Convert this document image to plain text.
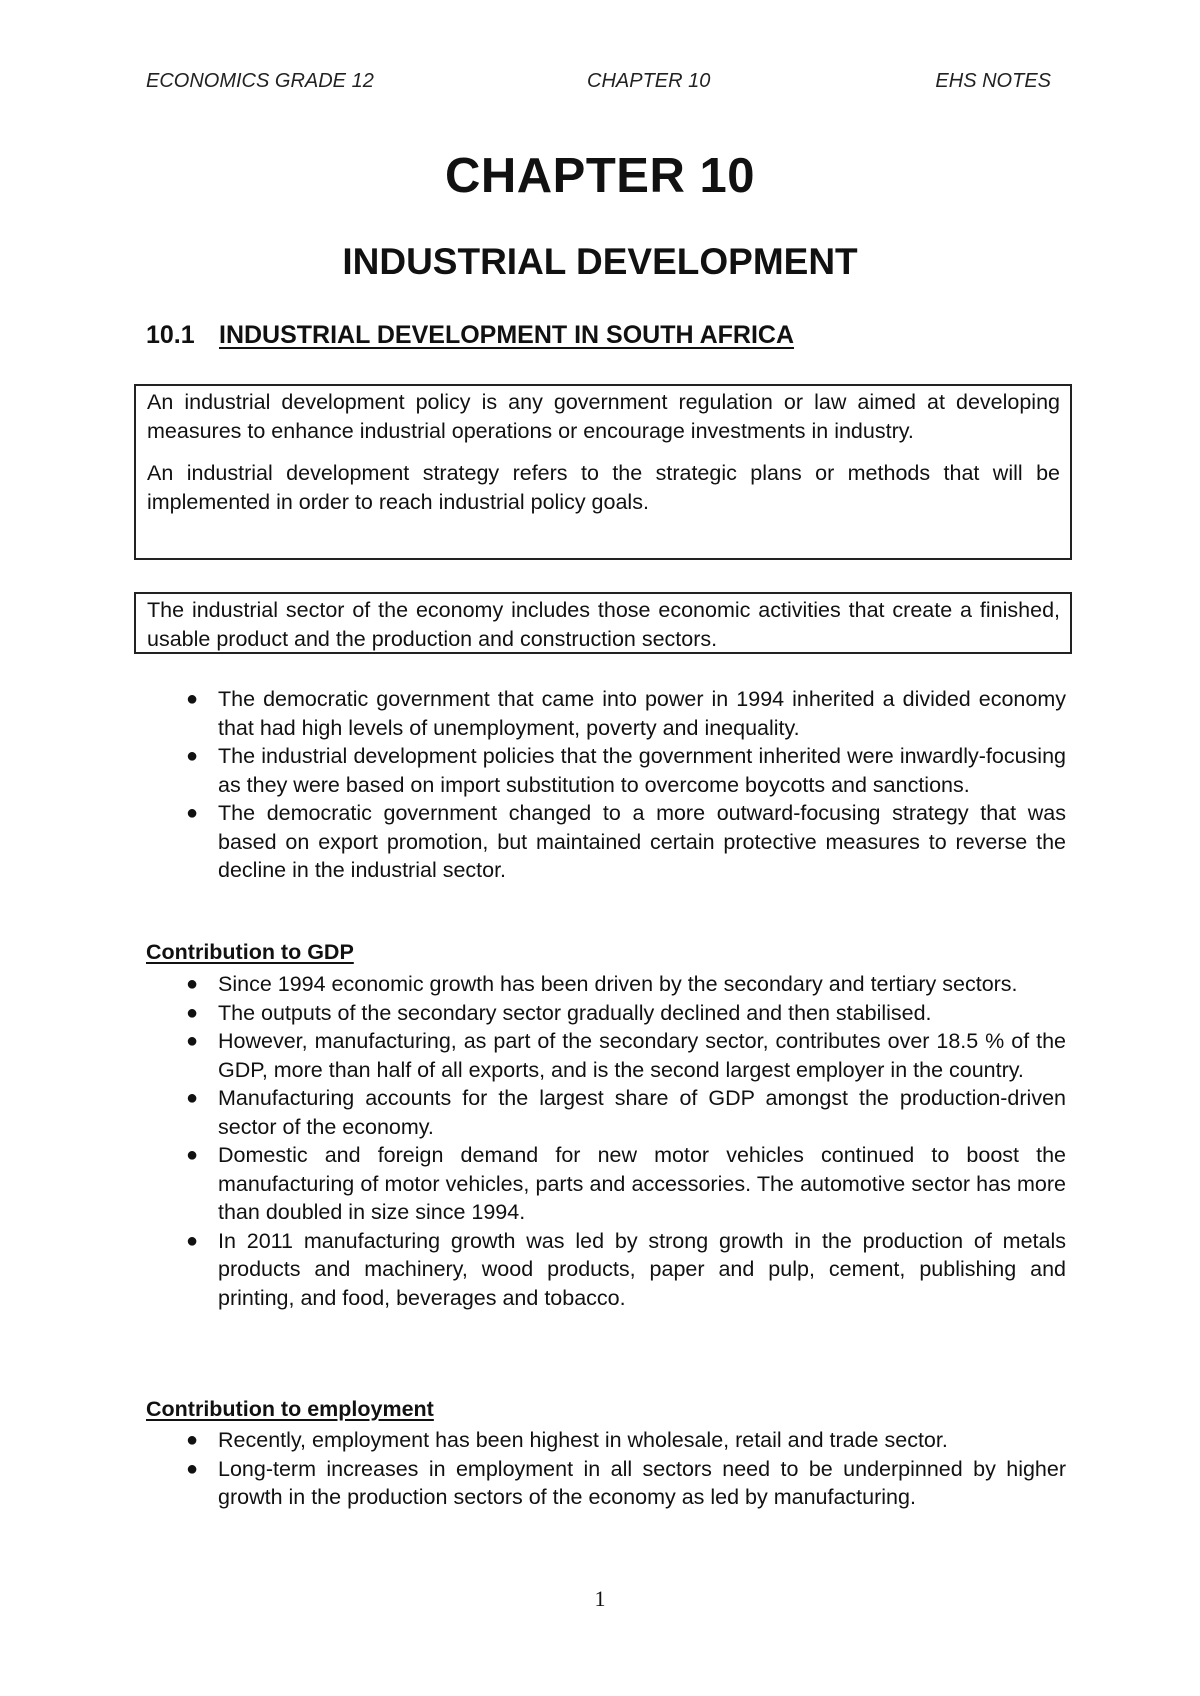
ECONOMICS GRADE 12	CHAPTER 10	EHS NOTES
CHAPTER 10
INDUSTRIAL DEVELOPMENT
10.1 INDUSTRIAL DEVELOPMENT IN SOUTH AFRICA

An industrial development policy is any government regulation or law aimed at developing measures to enhance industrial operations or encourage investments in industry.

An industrial development strategy refers to the strategic plans or methods that will be implemented in order to reach industrial policy goals.

The industrial sector of the economy includes those economic activities that create a finished, usable product and the production and construction sectors.

● The democratic government that came into power in 1994 inherited a divided economy that had high levels of unemployment, poverty and inequality.
● The industrial development policies that the government inherited were inwardly-focusing as they were based on import substitution to overcome boycotts and sanctions.
● The democratic government changed to a more outward-focusing strategy that was based on export promotion, but maintained certain protective measures to reverse the decline in the industrial sector.
Contribution to GDP
● Since 1994 economic growth has been driven by the secondary and tertiary sectors.
● The outputs of the secondary sector gradually declined and then stabilised.
● However, manufacturing, as part of the secondary sector, contributes over 18.5 % of the GDP, more than half of all exports, and is the second largest employer in the country.
● Manufacturing accounts for the largest share of GDP amongst the production-driven sector of the economy.
● Domestic and foreign demand for new motor vehicles continued to boost the manufacturing of motor vehicles, parts and accessories. The automotive sector has more than doubled in size since 1994.
● In 2011 manufacturing growth was led by strong growth in the production of metals products and machinery, wood products, paper and pulp, cement, publishing and printing, and food, beverages and tobacco.
Contribution to employment
● Recently, employment has been highest in wholesale, retail and trade sector.
● Long-term increases in employment in all sectors need to be underpinned by higher growth in the production sectors of the economy as led by manufacturing.
1
